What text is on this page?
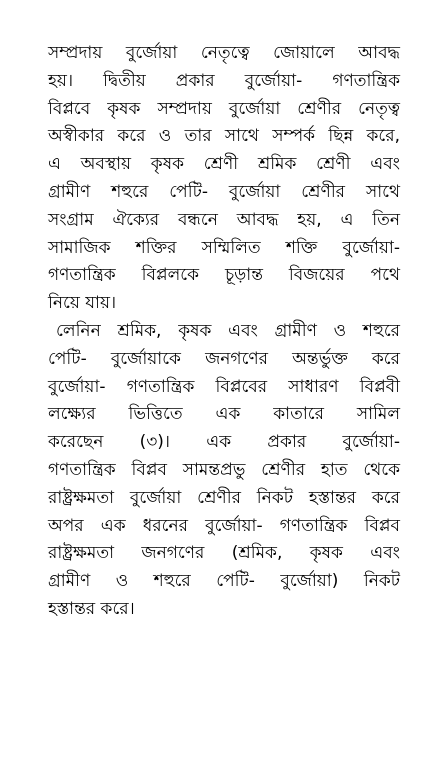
সম্প্রদায় বুর্জোয়া নেতৃত্বে জোয়ালে আবদ্ধ
হয়। দ্বিতীয় প্রকার বুর্জোয়া- গণতান্ত্রিক
বিপ্লবে কৃষক সম্প্রদায় বুর্জোয়া শ্রেণীর নেতৃত্ব
অস্বীকার করে ও তার সাথে সম্পর্ক ছিন্ন করে,
এ অবস্থায় কৃষক শ্রেণী শ্রমিক শ্রেণী এবং
গ্রামীণ শহুরে পেটি- বুর্জোয়া শ্রেণীর সাথে
সংগ্রাম ঐক্যের বন্ধনে আবদ্ধ হয়, এ তিন
সামাজিক শক্তির সম্মিলিত শক্তি বুর্জোয়া-
গণতান্ত্রিক বিপ্ললকে চূড়ান্ত বিজয়ের পথে
নিয়ে যায়।
লেনিন শ্রমিক, কৃষক এবং গ্রামীণ ও শহুরে
পেটি- বুর্জোয়াকে জনগণের অন্তর্ভুক্ত করে
বুর্জোয়া- গণতান্ত্রিক বিপ্লবের সাধারণ বিপ্লবী
লক্ষ্যের ভিত্তিতে এক কাতারে সামিল
করেছেন (৩)। এক প্রকার বুর্জোয়া-
গণতান্ত্রিক বিপ্লব সামন্তপ্রভু শ্রেণীর হাত থেকে
রাষ্ট্রক্ষমতা বুর্জোয়া শ্রেণীর নিকট হস্তান্তর করে
অপর এক ধরনের বুর্জোয়া- গণতান্ত্রিক বিপ্লব
রাষ্ট্রক্ষমতা জনগণের (শ্রমিক, কৃষক এবং
গ্রামীণ ও শহুরে পেটি- বুর্জোয়া) নিকট
হস্তান্তর করে।
